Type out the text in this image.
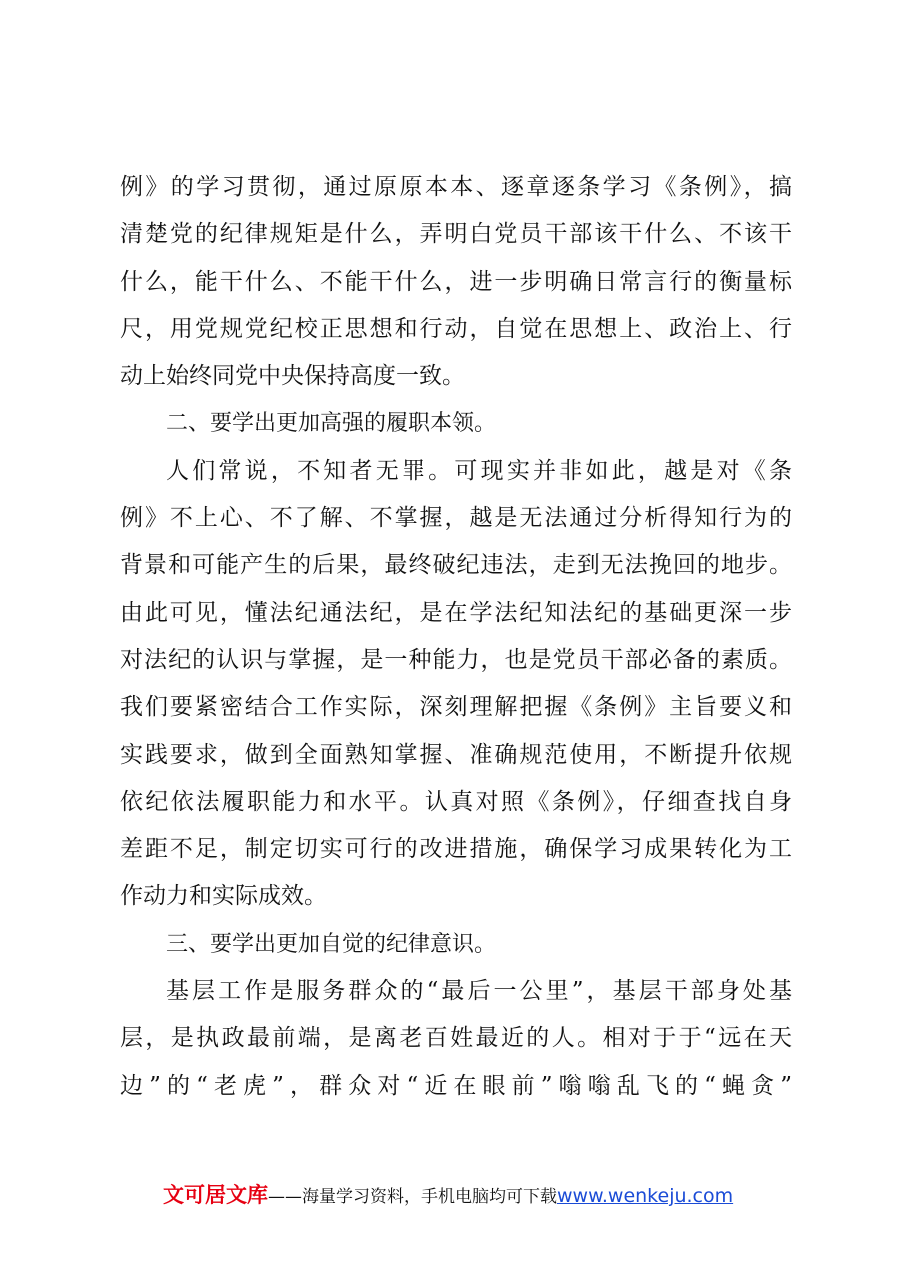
例》的学习贯彻，通过原原本本、逐章逐条学习《条例》，搞
清楚党的纪律规矩是什么，弄明白党员干部该干什么、不该干
什么，能干什么、不能干什么，进一步明确日常言行的衡量标
尺，用党规党纪校正思想和行动，自觉在思想上、政治上、行
动上始终同党中央保持高度一致。
二、要学出更加高强的履职本领。
人们常说，不知者无罪。可现实并非如此，越是对《条
例》不上心、不了解、不掌握，越是无法通过分析得知行为的
背景和可能产生的后果，最终破纪违法，走到无法挽回的地步。
由此可见，懂法纪通法纪，是在学法纪知法纪的基础更深一步
对法纪的认识与掌握，是一种能力，也是党员干部必备的素质。
我们要紧密结合工作实际，深刻理解把握《条例》主旨要义和
实践要求，做到全面熟知掌握、准确规范使用，不断提升依规
依纪依法履职能力和水平。认真对照《条例》，仔细查找自身
差距不足，制定切实可行的改进措施，确保学习成果转化为工
作动力和实际成效。
三、要学出更加自觉的纪律意识。
基层工作是服务群众的“最后一公里”，基层干部身处基
层，是执政最前端，是离老百姓最近的人。相对于于“远在天
边”的“老虎”，群众对“近在眼前”嗡嗡乱飞的“蝇贪”
文可居文库——海量学习资料，手机电脑均可下载www.wenkeju.com
